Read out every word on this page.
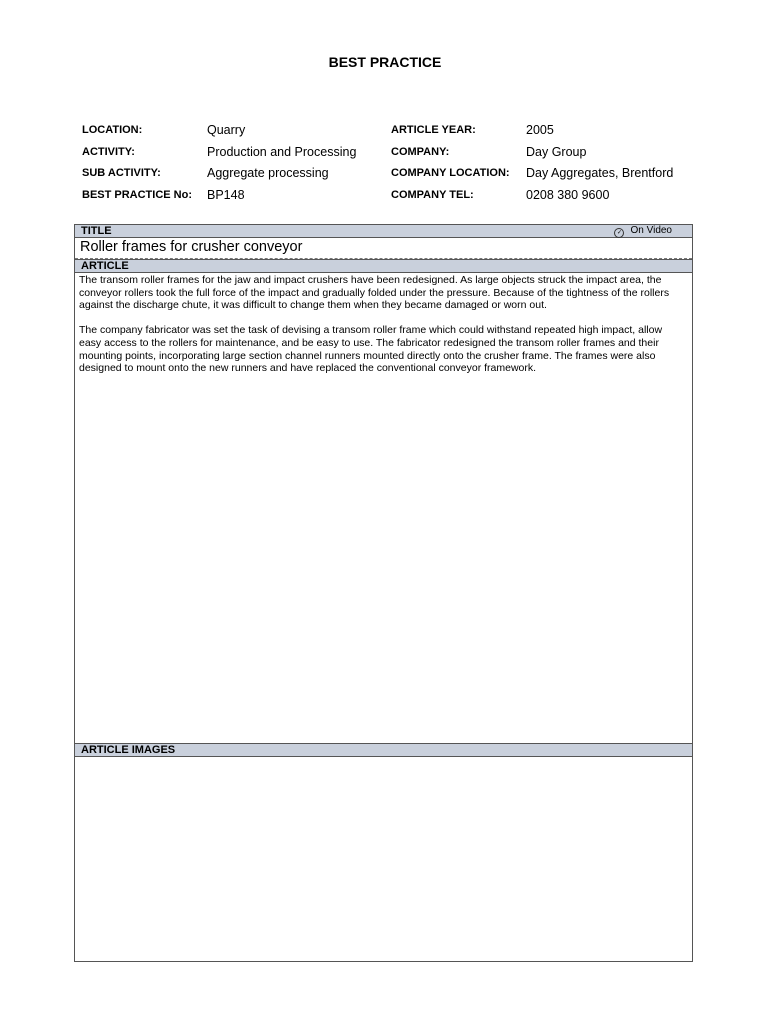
BEST PRACTICE
LOCATION:	Quarry	ARTICLE YEAR:	2005
ACTIVITY:	Production and Processing	COMPANY:	Day Group
SUB ACTIVITY:	Aggregate processing	COMPANY LOCATION: Day Aggregates, Brentford
BEST PRACTICE No: BP148	COMPANY TEL:	0208 380 9600
TITLE	✓ On Video
Roller frames for crusher conveyor
ARTICLE

The transom roller frames for the jaw and impact crushers have been redesigned. As large objects struck the impact area, the conveyor rollers took the full force of the impact and gradually folded under the pressure. Because of the tightness of the rollers against the discharge chute, it was difficult to change them when they became damaged or worn out.

The company fabricator was set the task of devising a transom roller frame which could withstand repeated high impact, allow easy access to the rollers for maintenance, and be easy to use. The fabricator redesigned the transom roller frames and their mounting points, incorporating large section channel runners mounted directly onto the crusher frame. The frames were also designed to mount onto the new runners and have replaced the conventional conveyor framework.

ARTICLE IMAGES
